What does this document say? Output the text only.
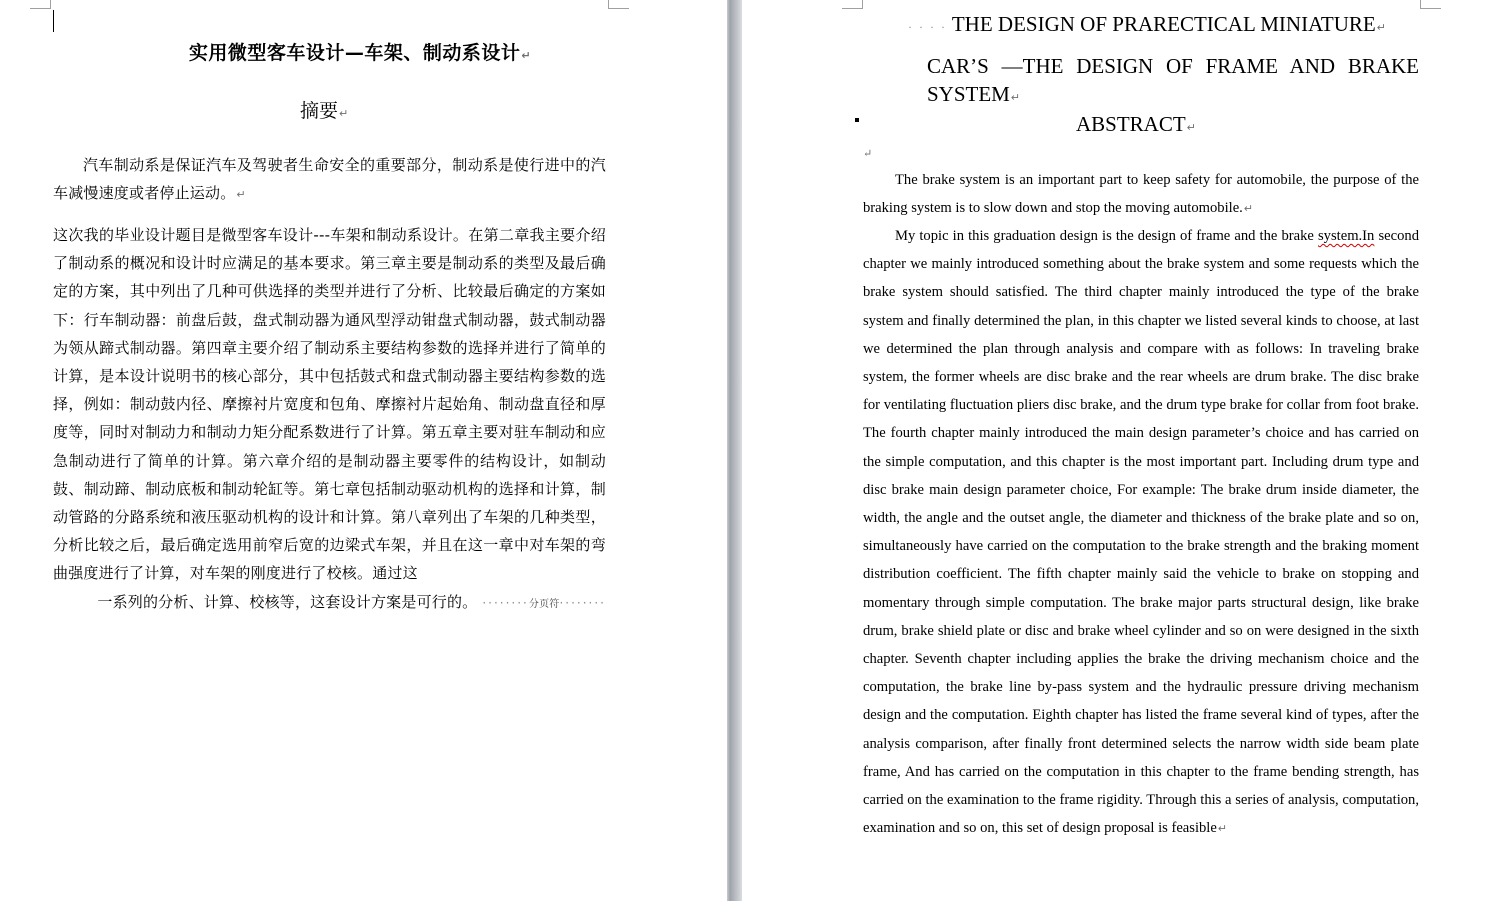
实用微型客车设计—车架、制动系设计↵
摘要↵
汽车制动系是保证汽车及驾驶者生命安全的重要部分，制动系是使行进中的汽车减慢速度或者停止运动。↵
这次我的毕业设计题目是微型客车设计---车架和制动系设计。在第二章我主要介绍了制动系的概况和设计时应满足的基本要求。第三章主要是制动系的类型及最后确定的方案，其中列出了几种可供选择的类型并进行了分析、比较最后确定的方案如下：行车制动器：前盘后鼓，盘式制动器为通风型浮动钳盘式制动器，鼓式制动器为领从蹄式制动器。第四章主要介绍了制动系主要结构参数的选择并进行了简单的计算，是本设计说明书的核心部分，其中包括鼓式和盘式制动器主要结构参数的选择，例如：制动鼓内径、摩擦衬片宽度和包角、摩擦衬片起始角、制动盘直径和厚度等，同时对制动力和制动力矩分配系数进行了计算。第五章主要对驻车制动和应急制动进行了简单的计算。第六章介绍的是制动器主要零件的结构设计，如制动鼓、制动蹄、制动底板和制动轮缸等。第七章包括制动驱动机构的选择和计算，制动管路的分路系统和液压驱动机构的设计和计算。第八章列出了车架的几种类型，分析比较之后，最后确定选用前窄后宽的边梁式车架，并且在这一章中对车架的弯曲强度进行了计算，对车架的刚度进行了校核。通过这
一系列的分析、计算、校核等，这套设计方案是可行的。 ········分页符········
· · · · THE DESIGN OF PRARECTICAL MINIATURE↵
CAR’S —THE DESIGN OF FRAME AND BRAKE SYSTEM↵
ABSTRACT↵
↵
The brake system is an important part to keep safety for automobile, the purpose of the braking system is to slow down and stop the moving automobile.↵
My topic in this graduation design is the design of frame and the brake system.In second chapter we mainly introduced something about the brake system and some requests which the brake system should satisfied. The third chapter mainly introduced the type of the brake system and finally determined the plan, in this chapter we listed several kinds to choose, at last we determined the plan through analysis and compare with as follows: In traveling brake system, the former wheels are disc brake and the rear wheels are drum brake. The disc brake for ventilating fluctuation pliers disc brake, and the drum type brake for collar from foot brake. The fourth chapter mainly introduced the main design parameter’s choice and has carried on the simple computation, and this chapter is the most important part. Including drum type and disc brake main design parameter choice, For example: The brake drum inside diameter, the width, the angle and the outset angle, the diameter and thickness of the brake plate and so on, simultaneously have carried on the computation to the brake strength and the braking moment distribution coefficient. The fifth chapter mainly said the vehicle to brake on stopping and momentary through simple computation. The brake major parts structural design, like brake drum, brake shield plate or disc and brake wheel cylinder and so on were designed in the sixth chapter. Seventh chapter including applies the brake the driving mechanism choice and the computation, the brake line by-pass system and the hydraulic pressure driving mechanism design and the computation. Eighth chapter has listed the frame several kind of types, after the analysis comparison, after finally front determined selects the narrow width side beam plate frame, And has carried on the computation in this chapter to the frame bending strength, has carried on the examination to the frame rigidity. Through this a series of analysis, computation, examination and so on, this set of design proposal is feasible↵
